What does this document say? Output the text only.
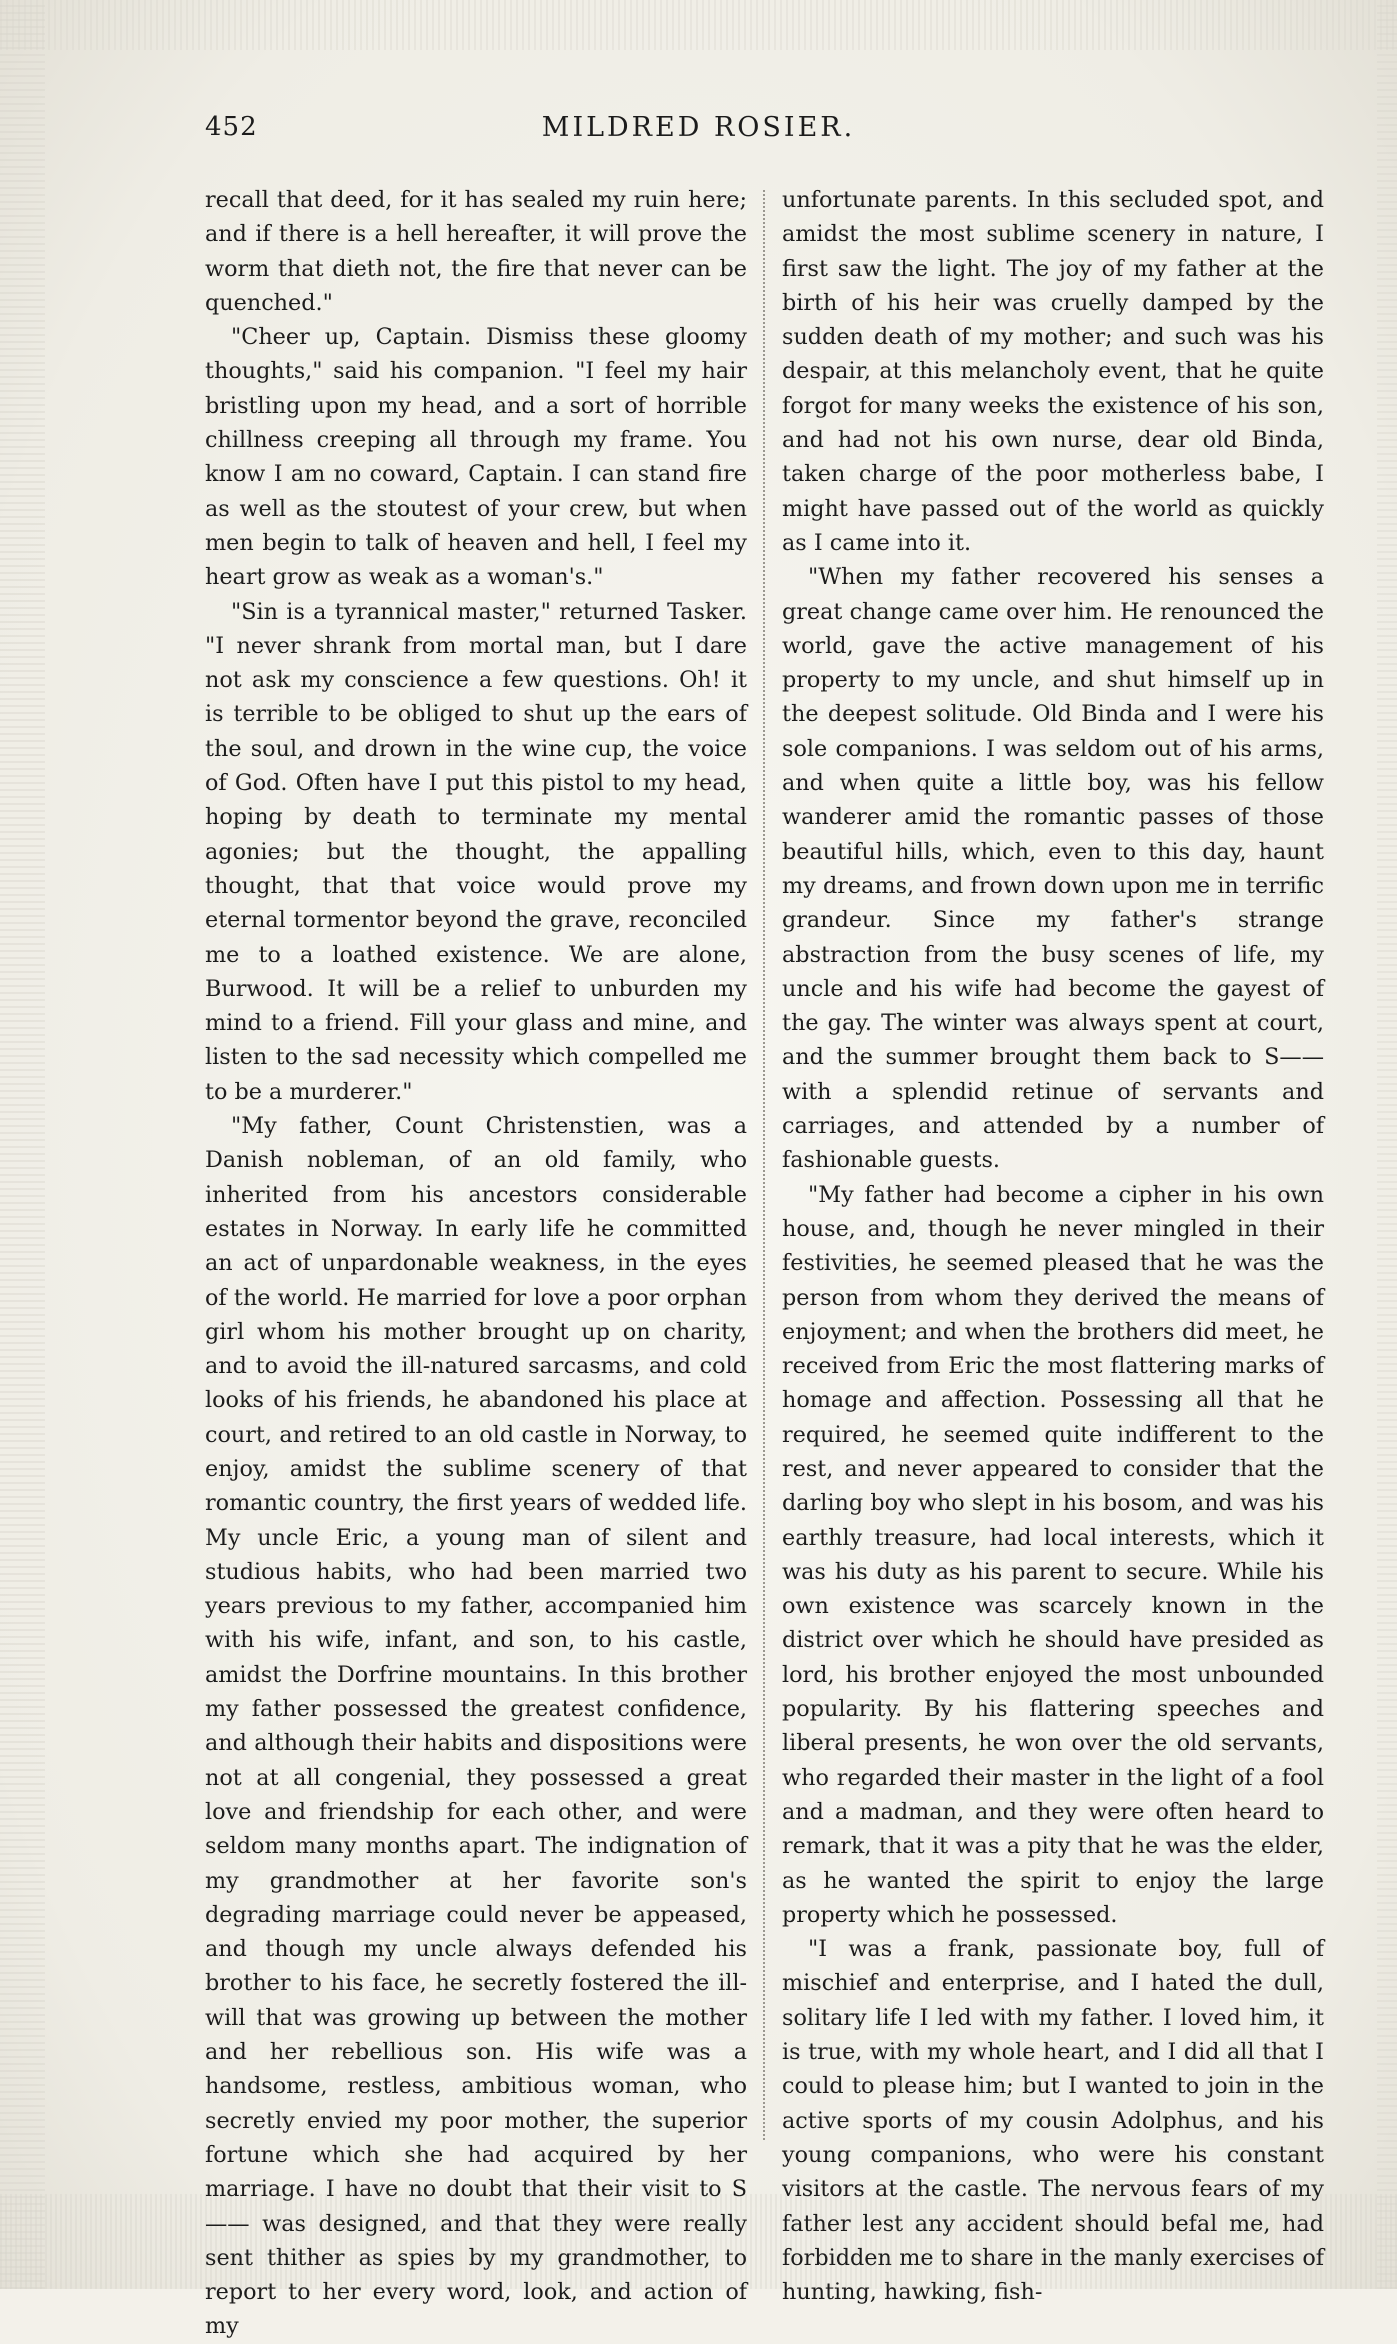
452	MILDRED ROSIER.

recall that deed, for it has sealed my ruin here; and if there is a hell hereafter, it will prove the worm that dieth not, the fire that never can be quenched."

"Cheer up, Captain. Dismiss these gloomy thoughts," said his companion. "I feel my hair bristling upon my head, and a sort of horrible chillness creeping all through my frame. You know I am no coward, Captain. I can stand fire as well as the stoutest of your crew, but when men begin to talk of heaven and hell, I feel my heart grow as weak as a woman's."

"Sin is a tyrannical master," returned Tasker. "I never shrank from mortal man, but I dare not ask my conscience a few questions. Oh! it is terrible to be obliged to shut up the ears of the soul, and drown in the wine cup, the voice of God. Often have I put this pistol to my head, hoping by death to terminate my mental agonies; but the thought, the appalling thought, that that voice would prove my eternal tormentor beyond the grave, reconciled me to a loathed existence. We are alone, Burwood. It will be a relief to unburden my mind to a friend. Fill your glass and mine, and listen to the sad necessity which compelled me to be a murderer."

"My father, Count Christenstien, was a Danish nobleman, of an old family, who inherited from his ancestors considerable estates in Norway. In early life he committed an act of unpardonable weakness, in the eyes of the world. He married for love a poor orphan girl whom his mother brought up on charity, and to avoid the ill-natured sarcasms, and cold looks of his friends, he abandoned his place at court, and retired to an old castle in Norway, to enjoy, amidst the sublime scenery of that romantic country, the first years of wedded life. My uncle Eric, a young man of silent and studious habits, who had been married two years previous to my father, accompanied him with his wife, infant, and son, to his castle, amidst the Dorfrine mountains. In this brother my father possessed the greatest confidence, and although their habits and dispositions were not at all congenial, they possessed a great love and friendship for each other, and were seldom many months apart. The indignation of my grandmother at her favorite son's degrading marriage could never be appeased, and though my uncle always defended his brother to his face, he secretly fostered the ill-will that was growing up between the mother and her rebellious son. His wife was a handsome, restless, ambitious woman, who secretly envied my poor mother, the superior fortune which she had acquired by her marriage. I have no doubt that their visit to S—— was designed, and that they were really sent thither as spies by my grandmother, to report to her every word, look, and action of my

unfortunate parents. In this secluded spot, and amidst the most sublime scenery in nature, I first saw the light. The joy of my father at the birth of his heir was cruelly damped by the sudden death of my mother; and such was his despair, at this melancholy event, that he quite forgot for many weeks the existence of his son, and had not his own nurse, dear old Binda, taken charge of the poor motherless babe, I might have passed out of the world as quickly as I came into it.

"When my father recovered his senses a great change came over him. He renounced the world, gave the active management of his property to my uncle, and shut himself up in the deepest solitude. Old Binda and I were his sole companions. I was seldom out of his arms, and when quite a little boy, was his fellow wanderer amid the romantic passes of those beautiful hills, which, even to this day, haunt my dreams, and frown down upon me in terrific grandeur. Since my father's strange abstraction from the busy scenes of life, my uncle and his wife had become the gayest of the gay. The winter was always spent at court, and the summer brought them back to S—— with a splendid retinue of servants and carriages, and attended by a number of fashionable guests.

"My father had become a cipher in his own house, and, though he never mingled in their festivities, he seemed pleased that he was the person from whom they derived the means of enjoyment; and when the brothers did meet, he received from Eric the most flattering marks of homage and affection. Possessing all that he required, he seemed quite indifferent to the rest, and never appeared to consider that the darling boy who slept in his bosom, and was his earthly treasure, had local interests, which it was his duty as his parent to secure. While his own existence was scarcely known in the district over which he should have presided as lord, his brother enjoyed the most unbounded popularity. By his flattering speeches and liberal presents, he won over the old servants, who regarded their master in the light of a fool and a madman, and they were often heard to remark, that it was a pity that he was the elder, as he wanted the spirit to enjoy the large property which he possessed.

"I was a frank, passionate boy, full of mischief and enterprise, and I hated the dull, solitary life I led with my father. I loved him, it is true, with my whole heart, and I did all that I could to please him; but I wanted to join in the active sports of my cousin Adolphus, and his young companions, who were his constant visitors at the castle. The nervous fears of my father lest any accident should befal me, had forbidden me to share in the manly exercises of hunting, hawking, fish-
